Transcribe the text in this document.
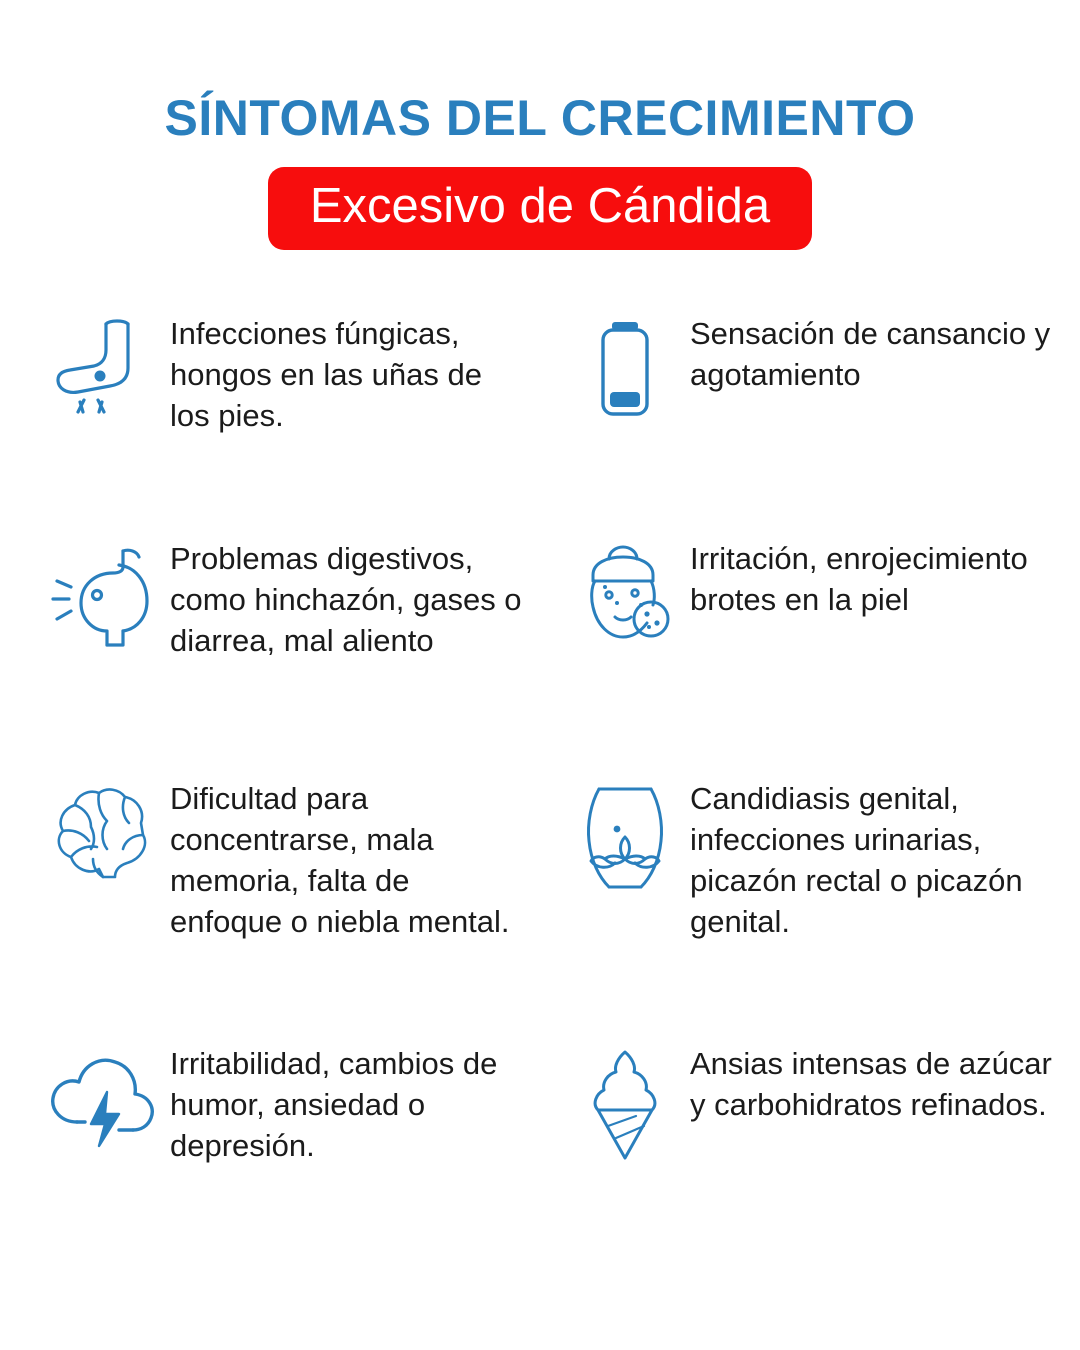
SÍNTOMAS DEL CRECIMIENTO
Excesivo de Cándida
Infecciones fúngicas, hongos en las uñas de los pies.
Sensación de cansancio y agotamiento
Problemas digestivos, como hinchazón, gases o diarrea, mal aliento
Irritación, enrojecimiento brotes en la piel
Dificultad para concentrarse, mala memoria, falta de enfoque o niebla mental.
Candidiasis genital, infecciones urinarias, picazón rectal o picazón genital.
Irritabilidad, cambios de humor, ansiedad o depresión.
Ansias intensas de azúcar y carbohidratos refinados.
